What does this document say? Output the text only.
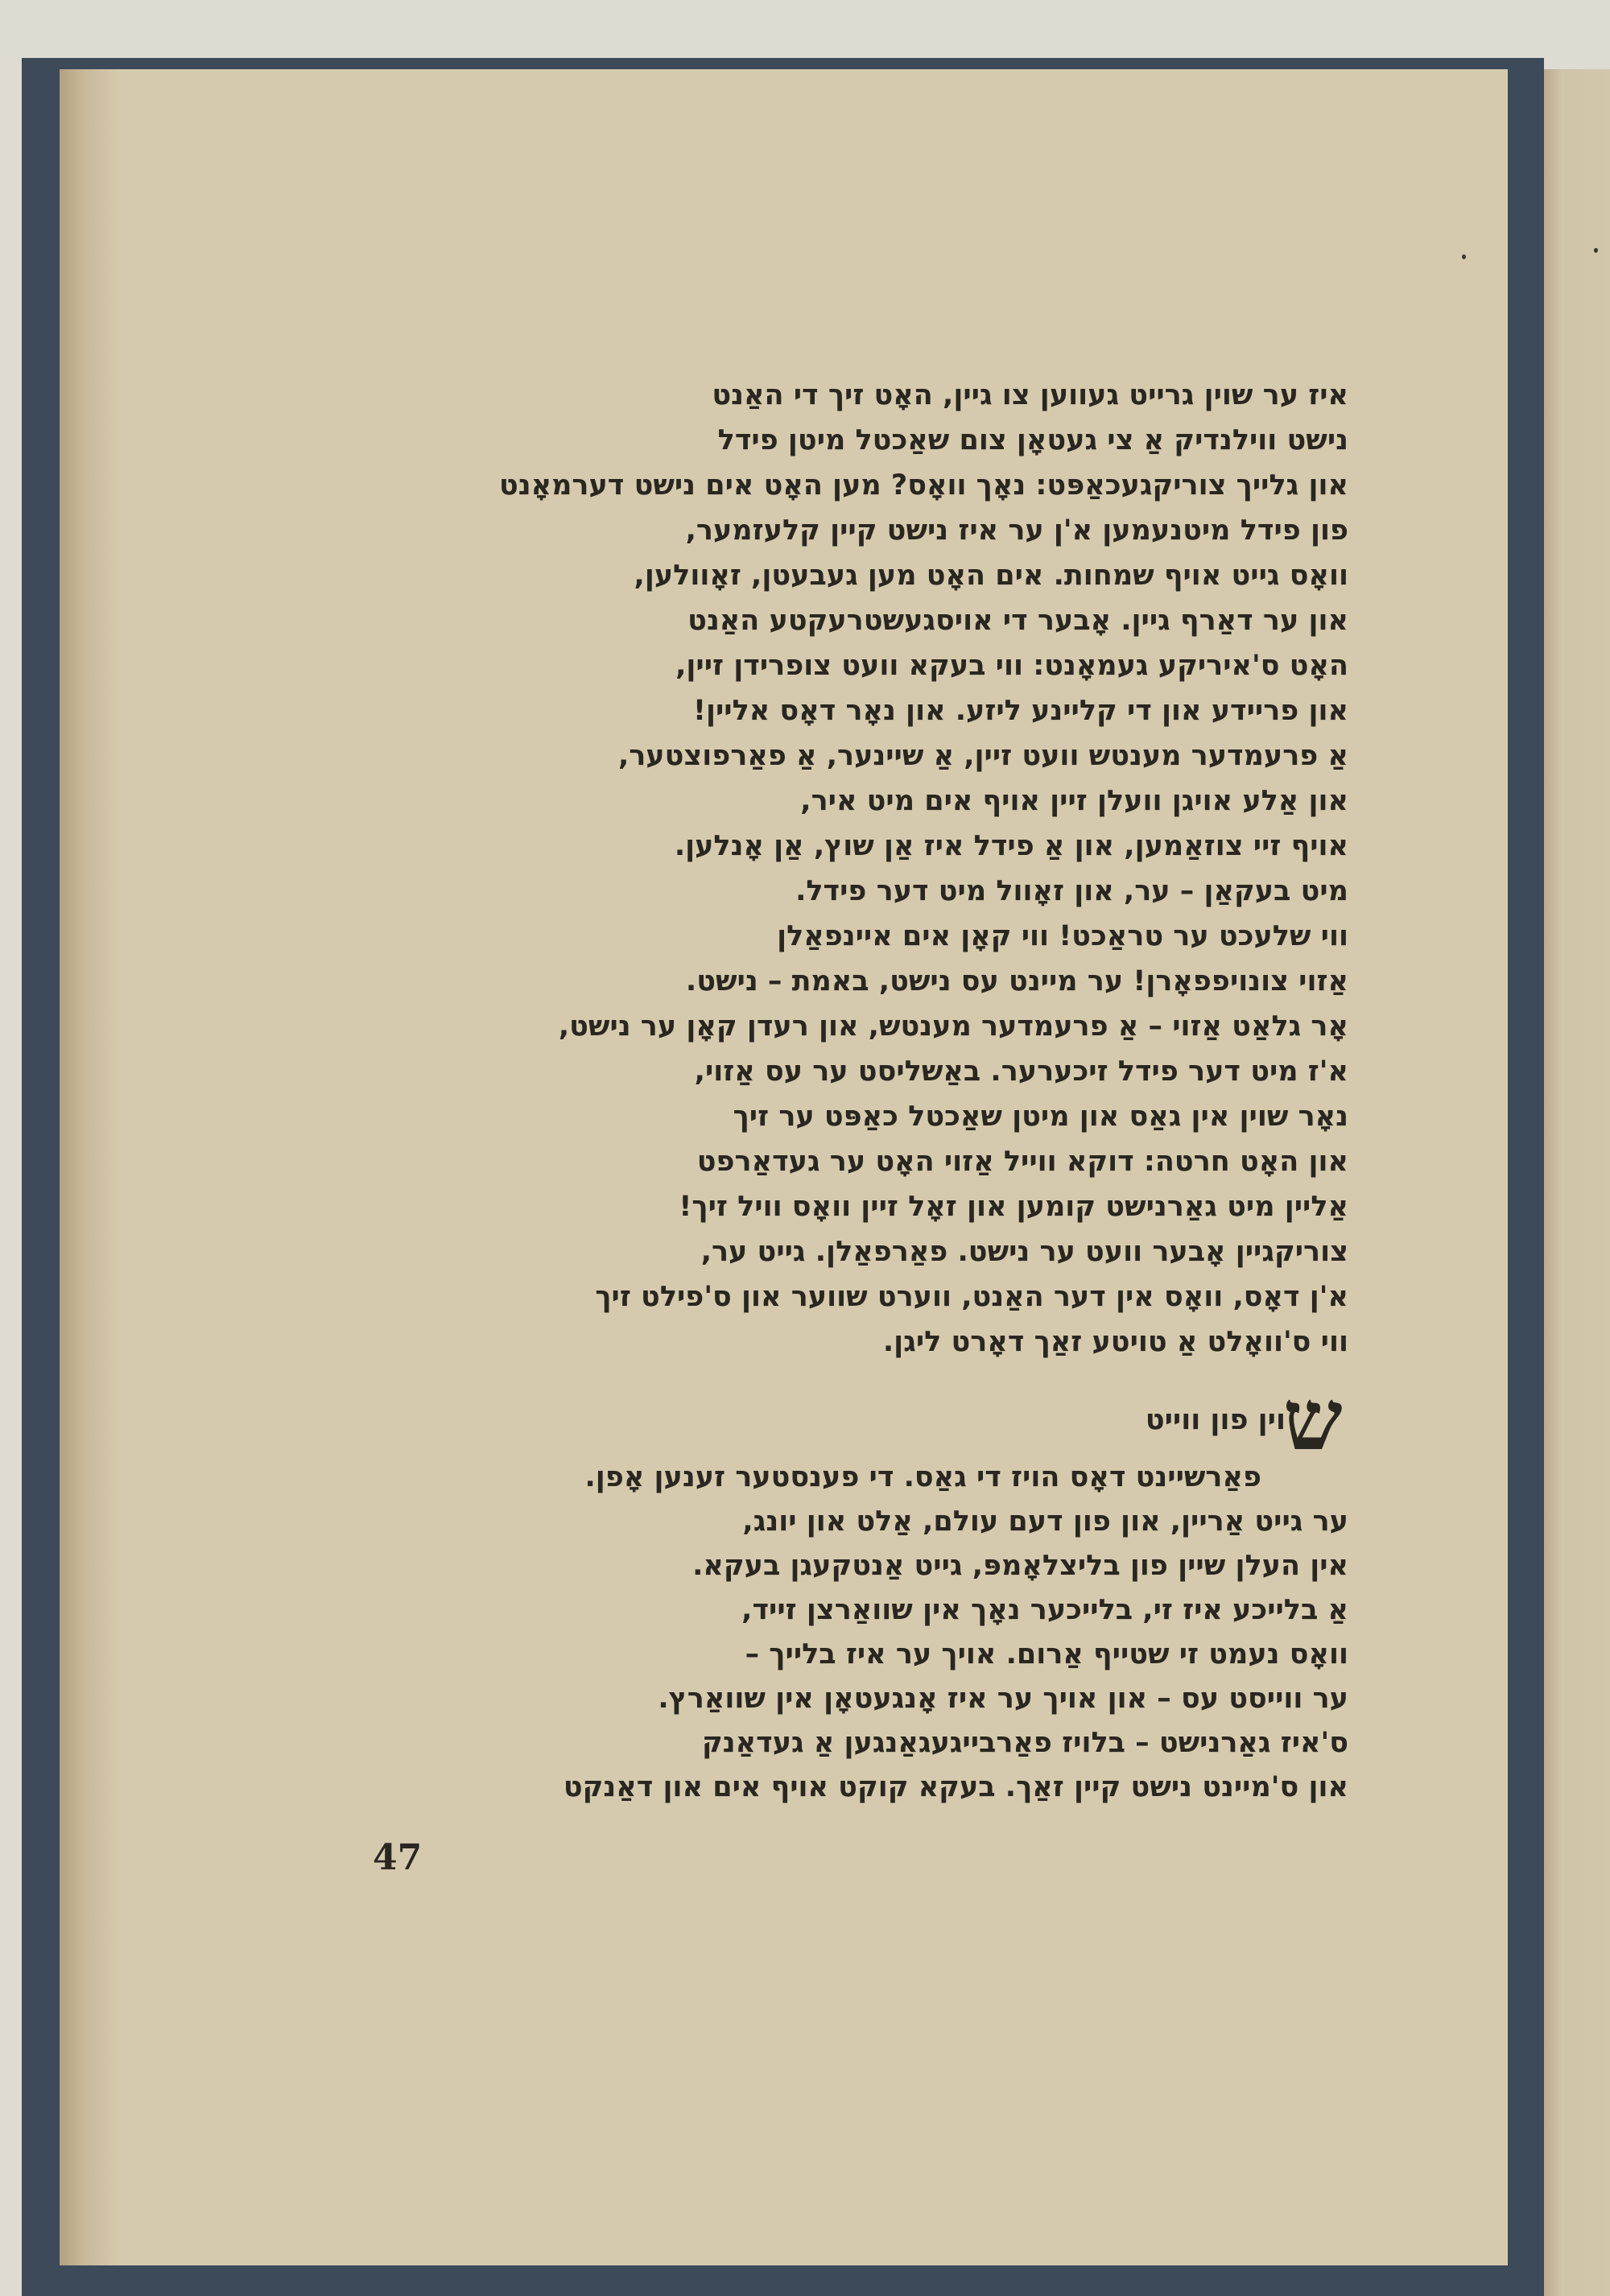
איז ער שוין גרייט געווען צו גיין, האָט זיך די האַנט
נישט ווילנדיק אַ צי געטאָן צום שאַכטל מיטן פידל
און גלייך צוריקגעכאַפּט: נאָך וואָס? מען האָט אים נישט דערמאָנט
פון פידל מיטנעמען א'ן ער איז נישט קיין קלעזמער,
וואָס גייט אויף שמחות. אים האָט מען געבעטן, זאָוולען,
און ער דאַרף גיין. אָבער די אויסגעשטרעקטע האַנט
האָט ס'איריקע געמאָנט: ווי בעקא וועט צופרידן זיין,
און פריידע און די קליינע ליזע. און נאָר דאָס אליין!
אַ פרעמדער מענטש וועט זיין, אַ שיינער, אַ פאַרפוצטער,
און אַלע אויגן וועלן זיין אויף אים מיט איר,
אויף זיי צוזאַמען, און אַ פידל איז אַן שוץ, אַן אָנלען.
מיט בעקאַן – ער, און זאָוול מיט דער פידל.
ווי שלעכט ער טראַכט! ווי קאָן אים איינפאַלן
אַזוי צונויפפאָרן! ער מיינט עס נישט, באמת – נישט.
אָר גלאַט אַזוי – אַ פרעמדער מענטש, און רעדן קאָן ער נישט,
א'ז מיט דער פידל זיכערער. באַשליסט ער עס אַזוי,
נאָר שוין אין גאַס און מיטן שאַכטל כאַפּט ער זיך
און האָט חרטה: דוקא ווייל אַזוי האָט ער געדאַרפט
אַליין מיט גאַרנישט קומען און זאָל זיין וואָס וויל זיך!
צוריקגיין אָבער וועט ער נישט. פאַרפאַלן. גייט ער,
א'ן דאָס, וואָס אין דער האַנט, ווערט שווער און ס'פילט זיך
ווי ס'וואָלט אַ טויטע זאַך דאָרט ליגן.
ש
וין פון ווייט
פאַרשיינט דאָס הויז די גאַס. די פענסטער זענען אָפן.
ער גייט אַריין, און פון דעם עולם, אַלט און יונג,
אין העלן שיין פון בליצלאָמפּ, גייט אַנטקעגן בעקא.
אַ בלייכע איז זי, בלייכער נאָך אין שוואַרצן זייד,
וואָס נעמט זי שטייף אַרום. אויך ער איז בלייך –
ער ווייסט עס – און אויך ער איז אָנגעטאָן אין שוואַרץ.
ס'איז גאַרנישט – בלויז פאַרבייגעגאַנגען אַ געדאַנק
און ס'מיינט נישט קיין זאַך. בעקא קוקט אויף אים און דאַנקט
47
